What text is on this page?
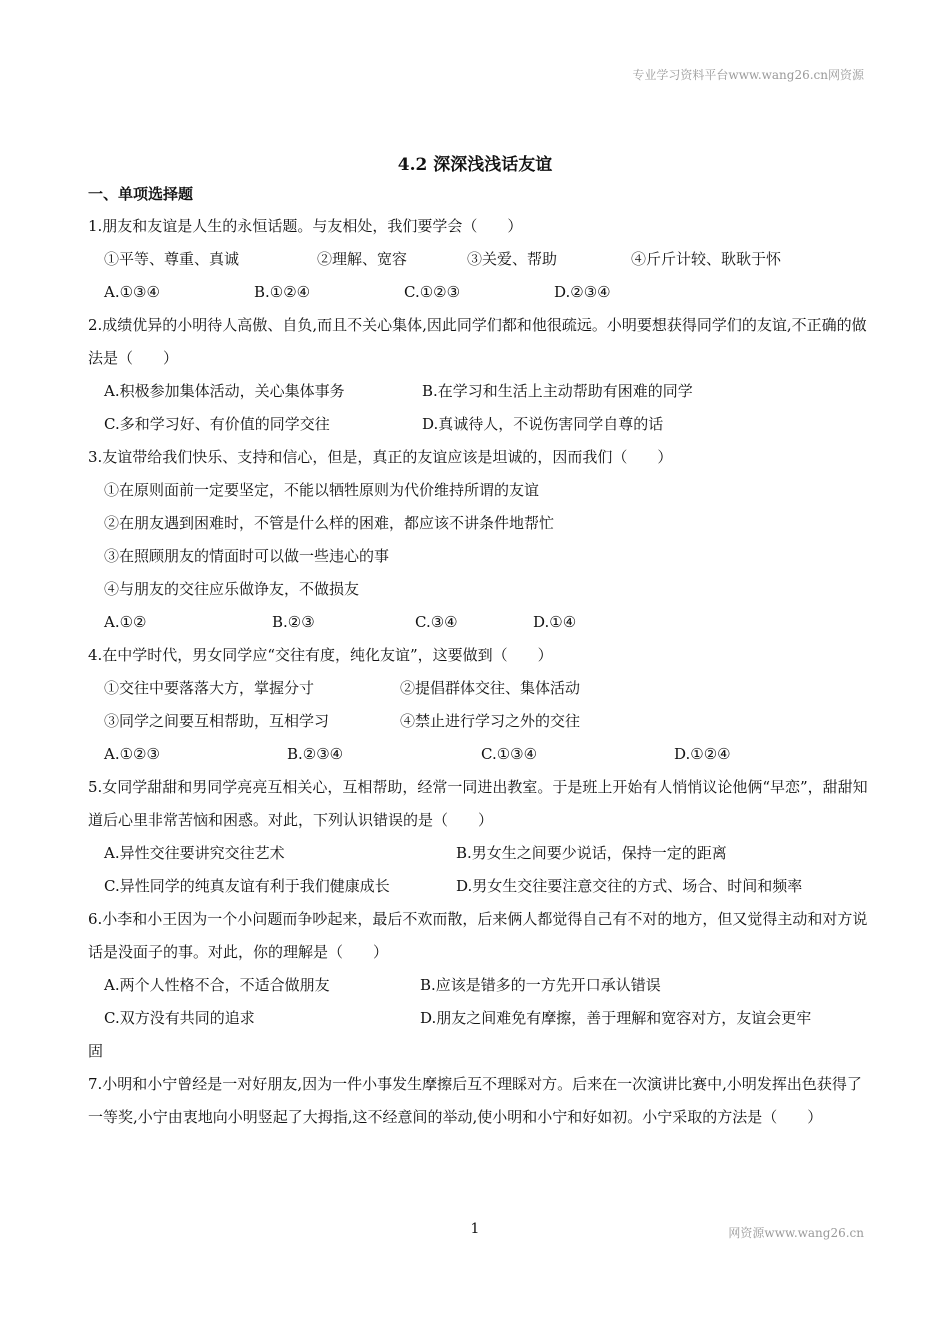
专业学习资料平台www.wang26.cn网资源
4.2 深深浅浅话友谊
一、单项选择题
1.朋友和友谊是人生的永恒话题。与友相处，我们要学会（　　）
①平等、尊重、真诚	②理解、宽容	③关爱、帮助	④斤斤计较、耿耿于怀
A.①③④	B.①②④	C.①②③	D.②③④
2.成绩优异的小明待人高傲、自负,而且不关心集体,因此同学们都和他很疏远。小明要想获得同学们的友谊,不正确的做法是（　　）
A.积极参加集体活动，关心集体事务	B.在学习和生活上主动帮助有困难的同学
C.多和学习好、有价值的同学交往	D.真诚待人，不说伤害同学自尊的话
3.友谊带给我们快乐、支持和信心，但是，真正的友谊应该是坦诚的，因而我们（　　）
①在原则面前一定要坚定，不能以牺牲原则为代价维持所谓的友谊
②在朋友遇到困难时，不管是什么样的困难，都应该不讲条件地帮忙
③在照顾朋友的情面时可以做一些违心的事
④与朋友的交往应乐做诤友，不做损友
A.①②	B.②③	C.③④	D.①④
4.在中学时代，男女同学应“交往有度，纯化友谊”，这要做到（　　）
①交往中要落落大方，掌握分寸	②提倡群体交往、集体活动
③同学之间要互相帮助，互相学习	④禁止进行学习之外的交往
A.①②③	B.②③④	C.①③④	D.①②④
5.女同学甜甜和男同学亮亮互相关心，互相帮助，经常一同进出教室。于是班上开始有人悄悄议论他俩“早恋”，甜甜知道后心里非常苦恼和困惑。对此，下列认识错误的是（　　）
A.异性交往要讲究交往艺术	B.男女生之间要少说话，保持一定的距离
C.异性同学的纯真友谊有利于我们健康成长	D.男女生交往要注意交往的方式、场合、时间和频率
6.小李和小王因为一个小问题而争吵起来，最后不欢而散，后来俩人都觉得自己有不对的地方，但又觉得主动和对方说话是没面子的事。对此，你的理解是（　　）
A.两个人性格不合，不适合做朋友	B.应该是错多的一方先开口承认错误
C.双方没有共同的追求	D.朋友之间难免有摩擦，善于理解和宽容对方，友谊会更牢
固
7.小明和小宁曾经是一对好朋友,因为一件小事发生摩擦后互不理睬对方。后来在一次演讲比赛中,小明发挥出色获得了一等奖,小宁由衷地向小明竖起了大拇指,这不经意间的举动,使小明和小宁和好如初。小宁采取的方法是（　　）
1	网资源www.wang26.cn
